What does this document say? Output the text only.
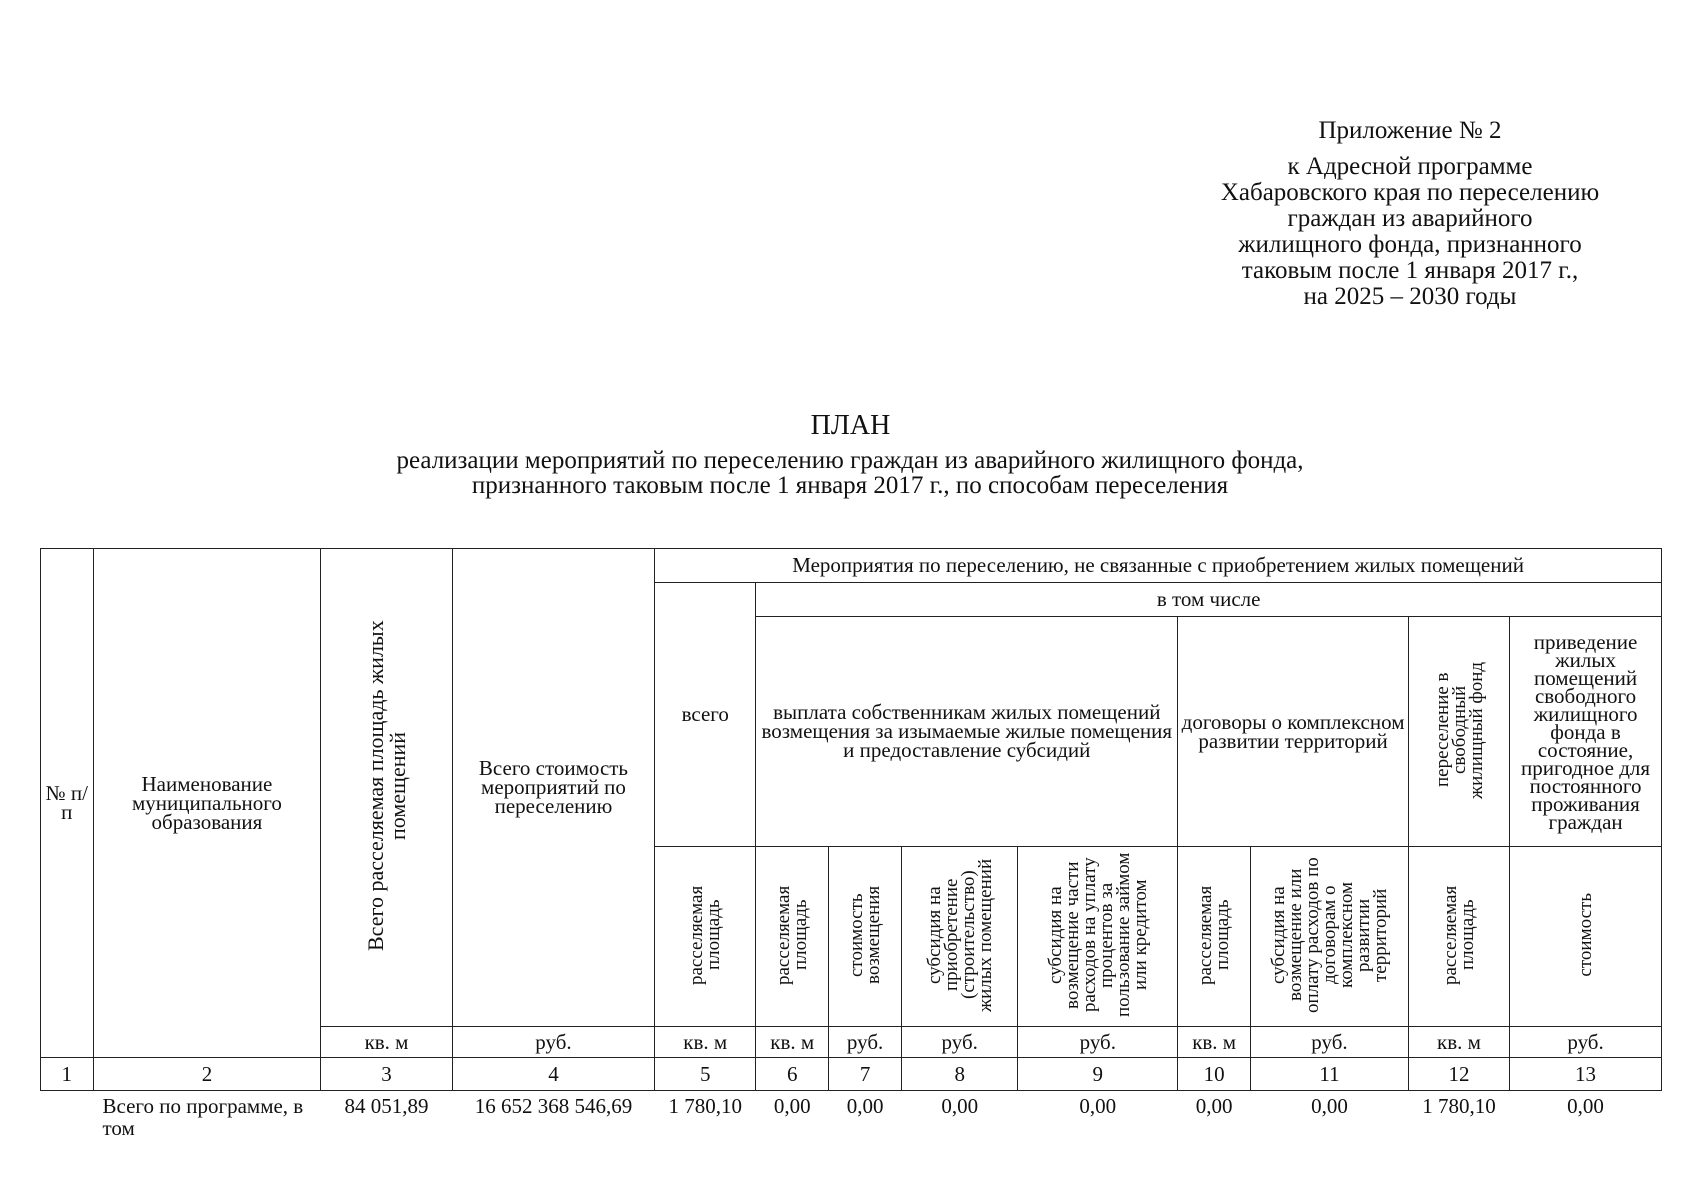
Приложение № 2
к Адресной программе
Хабаровского края по переселению
граждан из аварийного
жилищного фонда, признанного
таковым после 1 января 2017 г.,
на 2025 – 2030 годы
ПЛАН
реализации мероприятий по переселению граждан из аварийного жилищного фонда,
признанного таковым после 1 января 2017 г., по способам переселения
№ п/п	Наименование муниципального образования	Всего расселяемая площадь жилых помещений	Всего стоимость мероприятий по переселению	Мероприятия по переселению, не связанные с приобретением жилых помещений								
				всего	в том числе							
					выплата собственникам жилых помещений возмещения за изымаемые жилые помещения и предоставление субсидий				договоры о комплексном развитии территорий		переселение в свободный жилищный фонд	приведение жилых помещений свободного жилищного фонда в состояние, пригодное для постоянного проживания граждан
				расселяемая площадь	расселяемая площадь	стоимость возмещения	субсидия на приобретение (строительство) жилых помещений	субсидия на возмещение части расходов на уплату процентов за пользование займом или кредитом	расселяемая площадь	субсидия на возмещение или оплату расходов по договорам о комплексном развитии территорий	расселяемая площадь	стоимость
		кв. м	руб.	кв. м	кв. м	руб.	руб.	руб.	кв. м	руб.	кв. м	руб.
1	2	3	4	5	6	7	8	9	10	11	12	13
Всего по программе, в том		84 051,89	16 652 368 546,69	1 780,10	0,00	0,00	0,00	0,00	0,00	0,00	1 780,10	0,00
